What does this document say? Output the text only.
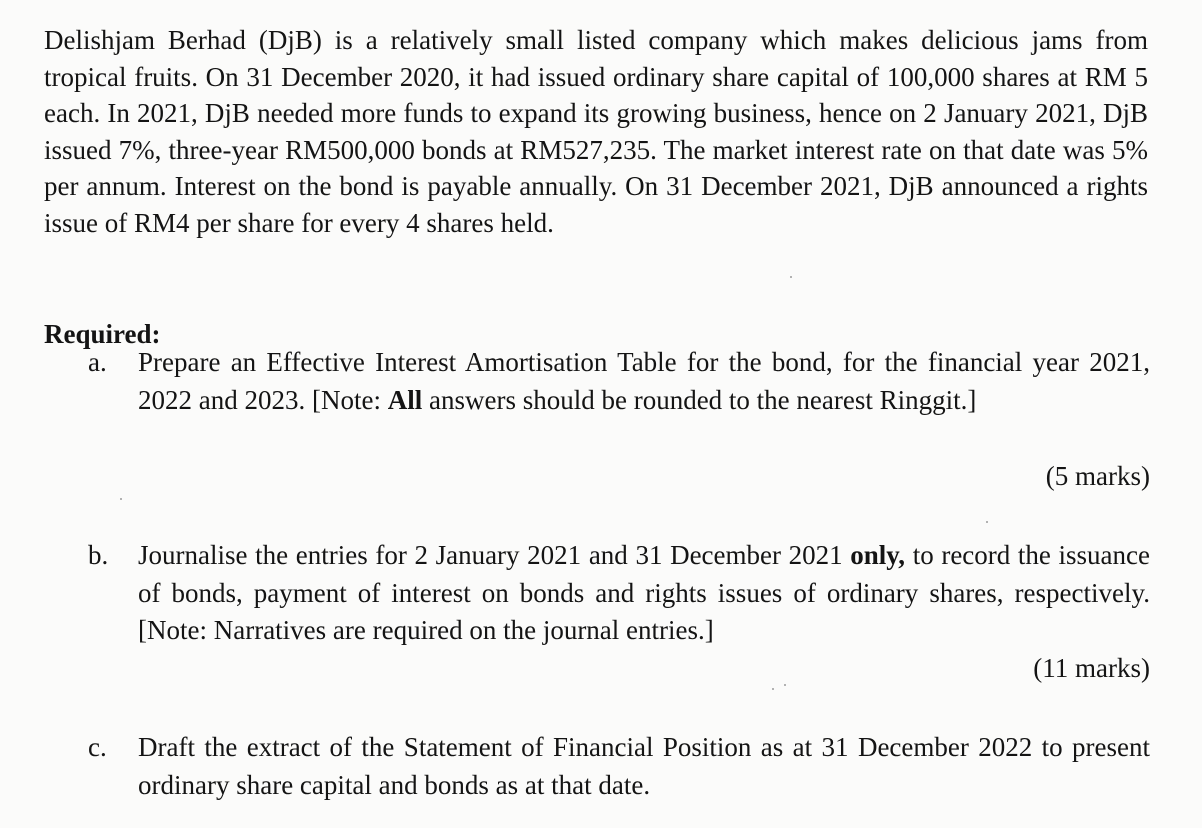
Delishjam Berhad (DjB) is a relatively small listed company which makes delicious jams from tropical fruits. On 31 December 2020, it had issued ordinary share capital of 100,000 shares at RM 5 each. In 2021, DjB needed more funds to expand its growing business, hence on 2 January 2021, DjB issued 7%, three-year RM500,000 bonds at RM527,235. The market interest rate on that date was 5% per annum. Interest on the bond is payable annually. On 31 December 2021, DjB announced a rights issue of RM4 per share for every 4 shares held.

Required:

a. Prepare an Effective Interest Amortisation Table for the bond, for the financial year 2021, 2022 and 2023. [Note: All answers should be rounded to the nearest Ringgit.]
(5 marks)
b. Journalise the entries for 2 January 2021 and 31 December 2021 only, to record the issuance of bonds, payment of interest on bonds and rights issues of ordinary shares, respectively. [Note: Narratives are required on the journal entries.]
(11 marks)
c. Draft the extract of the Statement of Financial Position as at 31 December 2022 to present ordinary share capital and bonds as at that date.
